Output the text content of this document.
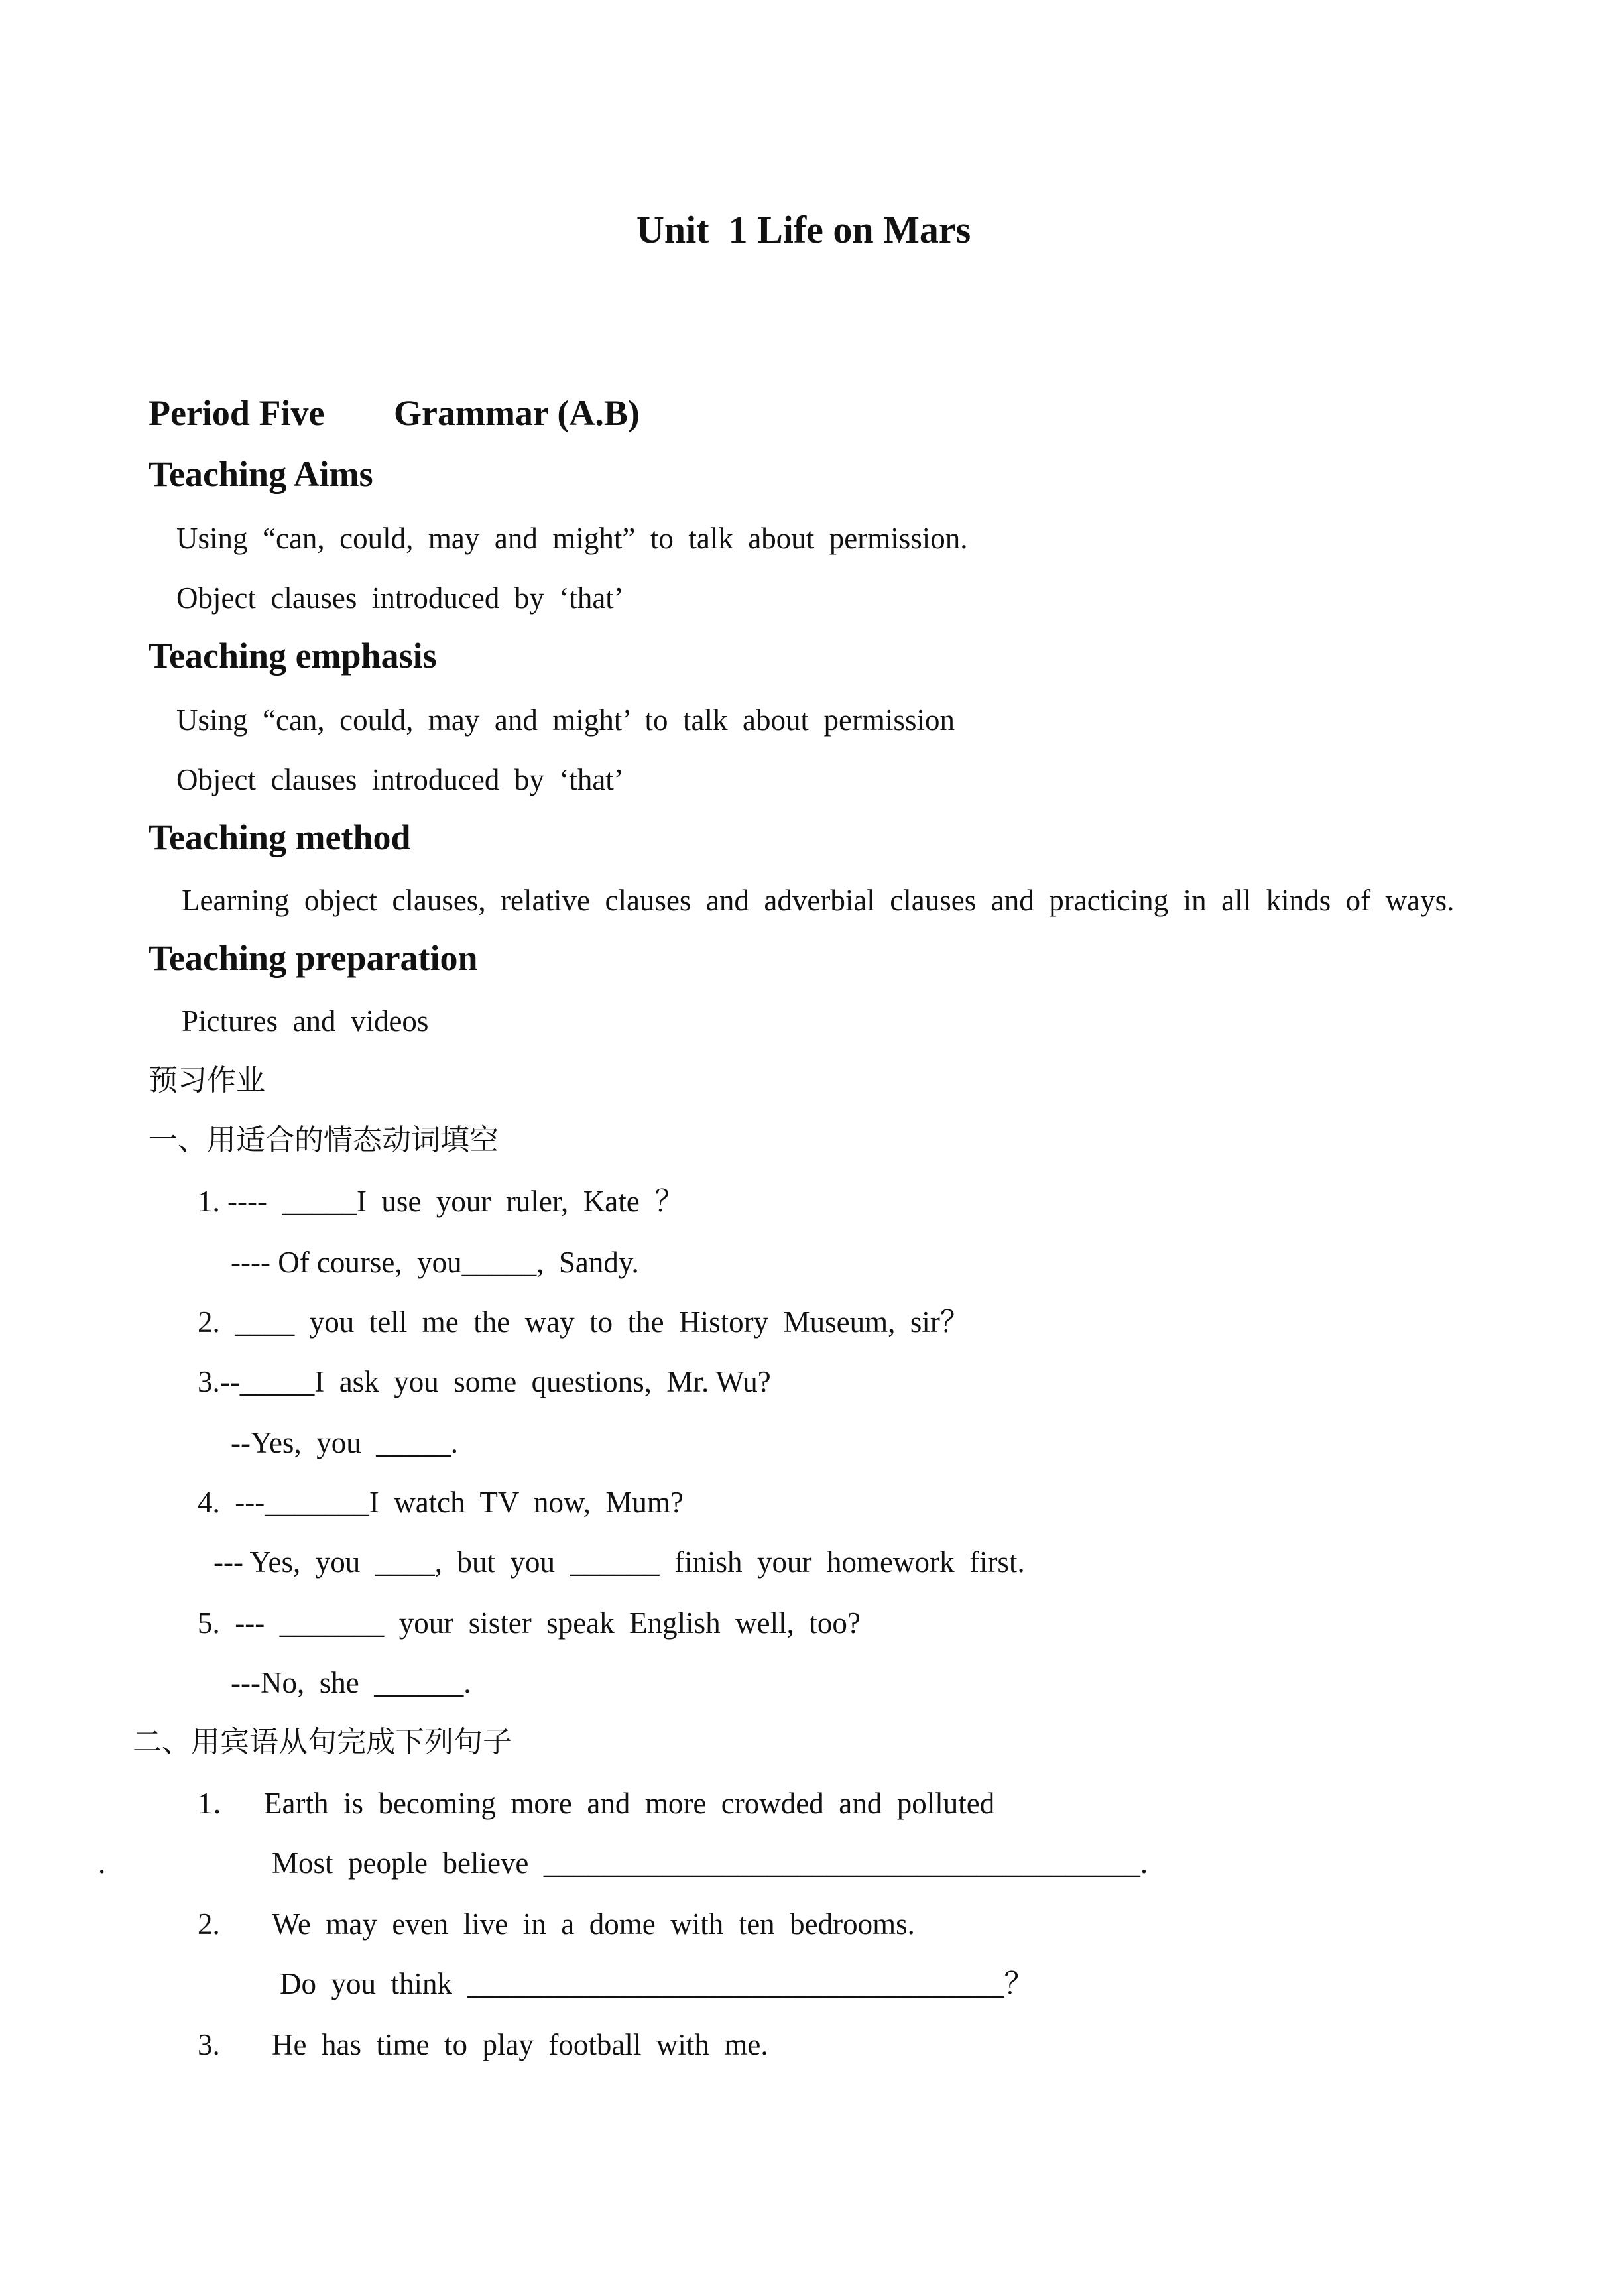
Unit  1 Life on Mars
Period Five Grammar (A.B)
Teaching Aims
Using  “can,  could,  may  and  might”  to  talk  about  permission.
Object  clauses  introduced  by  ‘that’
Teaching emphasis
Using  “can,  could,  may  and  might’  to  talk  about  permission
Object  clauses  introduced  by  ‘that’
Teaching method
Learning  object  clauses,  relative  clauses  and  adverbial  clauses  and  practicing  in  all  kinds  of  ways.
Teaching preparation
Pictures  and  videos
预习作业
一、用适合的情态动词填空
1. ----  _____I  use  your  ruler,  Kate  ？
---- Of course,  you_____,  Sandy.
2.  ____  you  tell  me  the  way  to  the  History  Museum,  sir？
3.--_____I  ask  you  some  questions,  Mr. Wu?
--Yes,  you  _____.
4.  ---_______I  watch  TV  now,  Mum?
--- Yes,  you  ____,  but  you  ______  finish  your  homework  first.
5.  ---  _______  your  sister  speak  English  well,  too?
---No,  she  ______.
二、用宾语从句完成下列句子
1． Earth  is  becoming  more  and  more  crowded  and  polluted
.	Most  people  believe  ________________________________________.
2. We  may  even  live  in  a  dome  with  ten  bedrooms.
Do  you  think  ____________________________________？
3. He  has  time  to  play  football  with  me.
